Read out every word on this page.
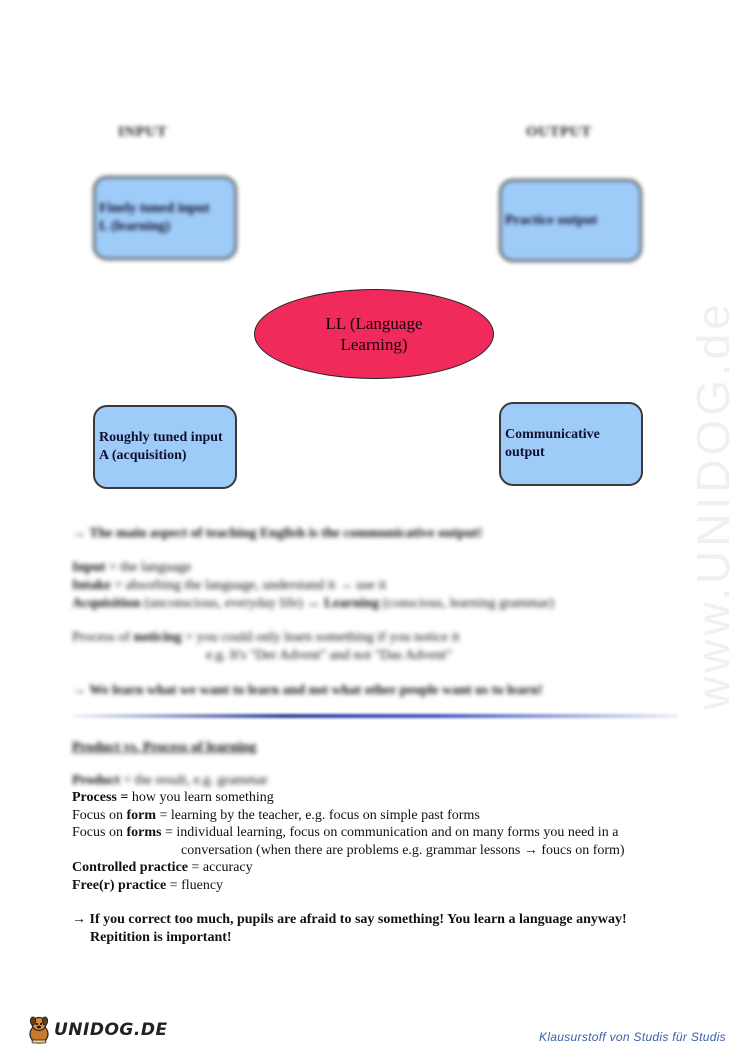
www.UNIDOG.de
INPUT	OUTPUT
Finely tuned input
L (learning)	Practice output
LL (Language Learning)
Roughly tuned input
A (acquisition)
Communicative
output
→ The main aspect of teaching English is the communicative output!
Input = the language
Intake = absorbing the language, understand it → use it
Acquisition (unconscious, everyday life) ↔ Learning (conscious, learning grammar)
Process of noticing = you could only learn something if you notice it
e.g. It's "Der Advent" and not "Das Advent"
→ We learn what we want to learn and not what other people want us to learn!
Product vs. Process of learning
Product = the result, e.g. grammar
Process = how you learn something
Focus on form = learning by the teacher, e.g. focus on simple past forms
Focus on forms = individual learning, focus on communication and on many forms you need in a
conversation (when there are problems e.g. grammar lessons → foucs on form)
Controlled practice = accuracy
Free(r) practice = fluency
→ If you correct too much, pupils are afraid to say something! You learn a language anyway!
Repitition is important!
UNIDOG.DE	Klausurstoff von Studis für Studis
